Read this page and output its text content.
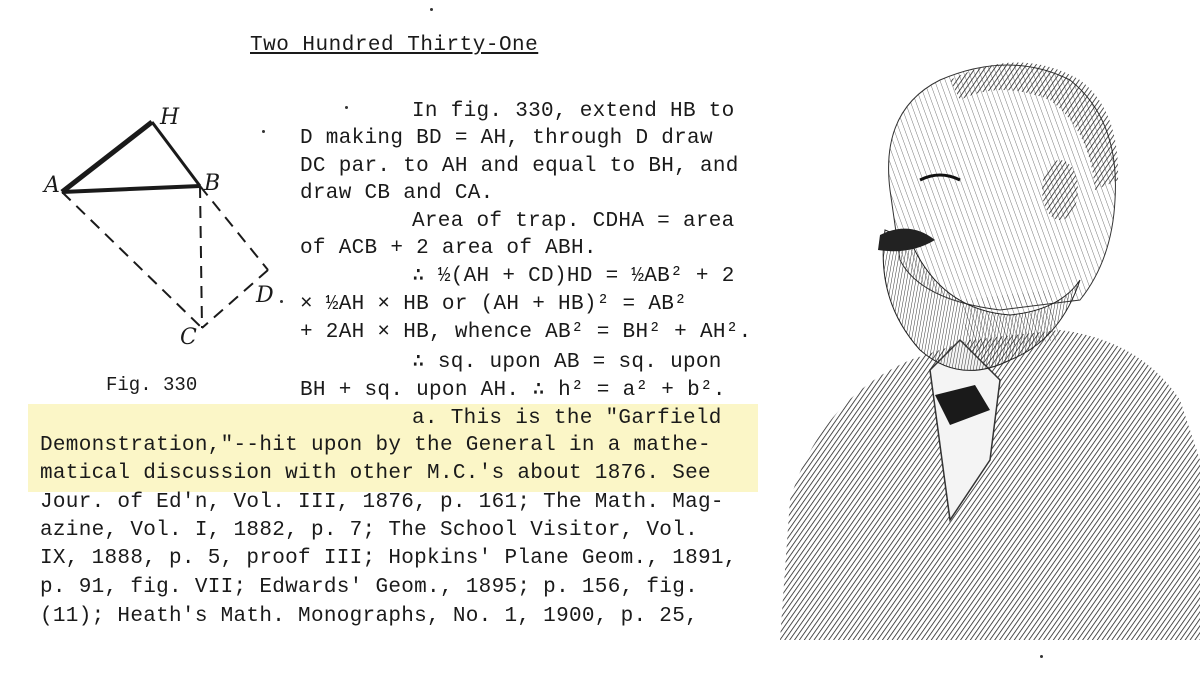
Two Hundred Thirty-One
H
A	B
C
D
Fig. 330
In fig. 330, extend HB to
D making BD = AH, through D draw
DC par. to AH and equal to BH, and
draw CB and CA.
Area of trap. CDHA = area
of ACB + 2 area of ABH.
∴ ½(AH + CD)HD = ½AB² + 2
× ½AH × HB or (AH + HB)² = AB²
+ 2AH × HB, whence AB² = BH² + AH².
∴ sq. upon AB = sq. upon
BH + sq. upon AH. ∴ h² = a² + b².
a. This is the "Garfield
Demonstration,"--hit upon by the General in a mathe-
matical discussion with other M.C.'s about 1876. See
Jour. of Ed'n, Vol. III, 1876, p. 161; The Math. Mag-
azine, Vol. I, 1882, p. 7; The School Visitor, Vol.
IX, 1888, p. 5, proof III; Hopkins' Plane Geom., 1891,
p. 91, fig. VII; Edwards' Geom., 1895; p. 156, fig.
(11); Heath's Math. Monographs, No. 1, 1900, p. 25,
